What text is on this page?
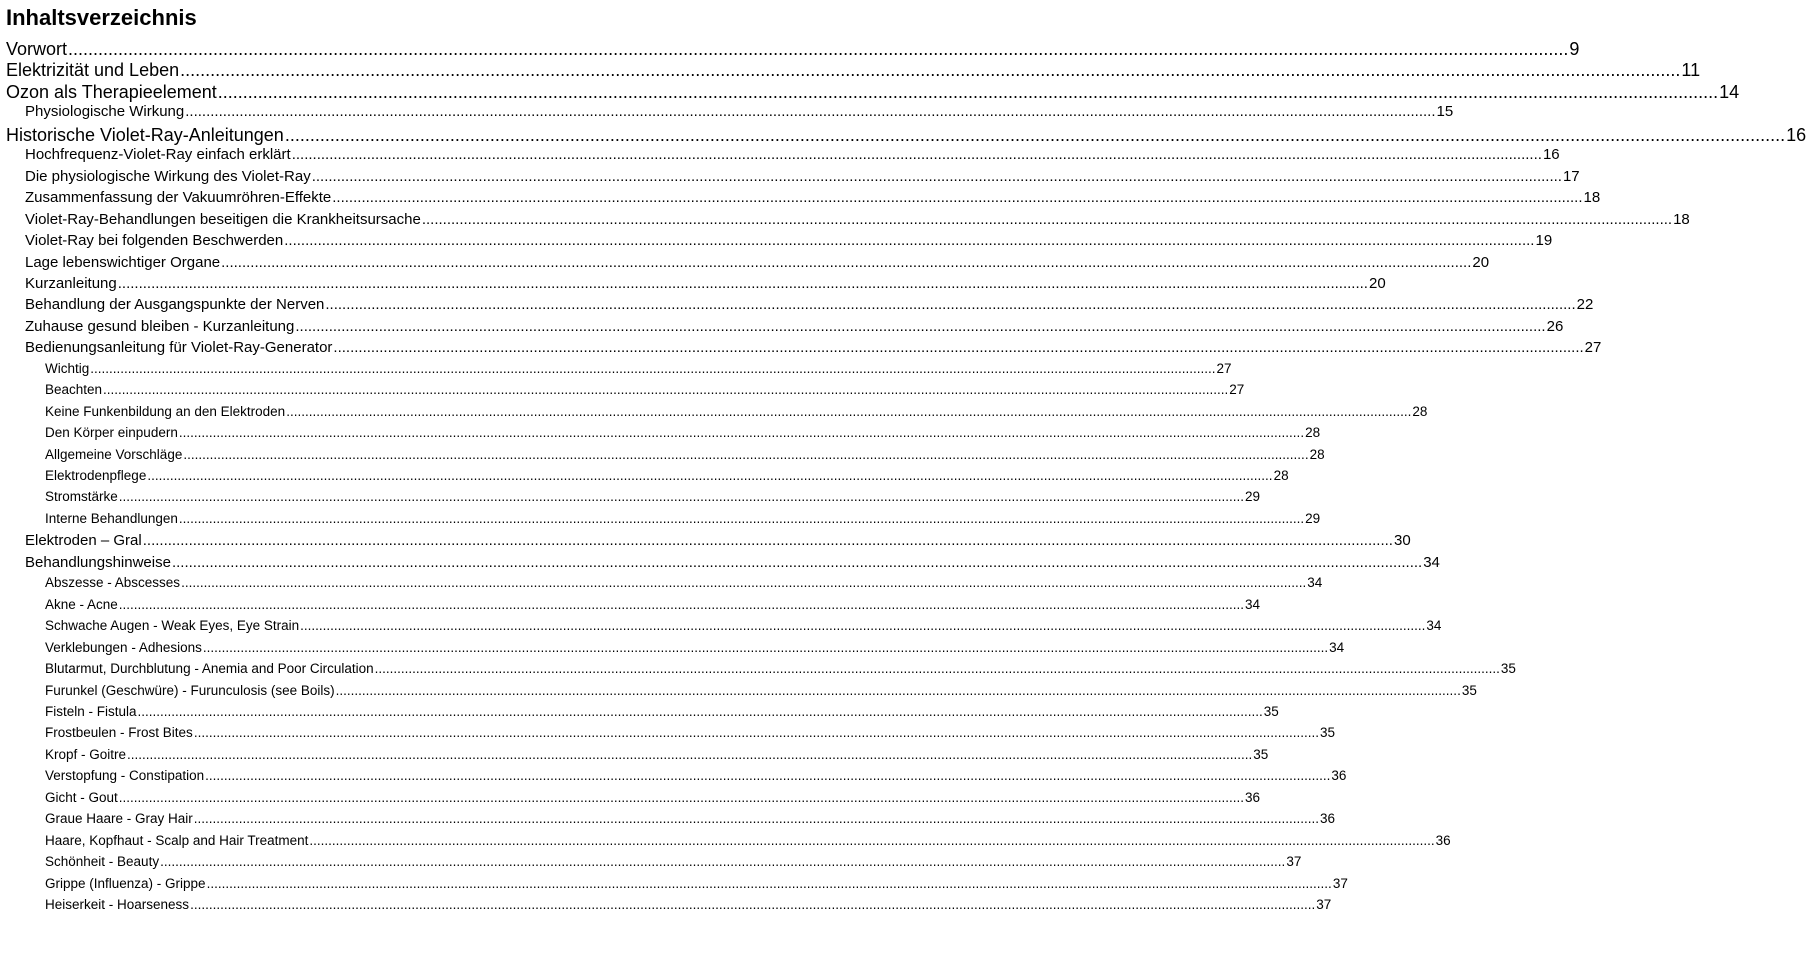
Inhaltsverzeichnis
Vorwort ............................................................................................................................................................................................................................................................................................................ 9
Elektrizität und Leben ............................................................................................................................................................................................................................................................................................................ 11
Ozon als Therapieelement ............................................................................................................................................................................................................................................................................................................ 14
Physiologische Wirkung ............................................................................................................................................................................................................................................................................................................ 15
Historische Violet-Ray-Anleitungen ............................................................................................................................................................................................................................................................................................................ 16
Hochfrequenz-Violet-Ray einfach erklärt ............................................................................................................................................................................................................................................................................................................ 16
Die physiologische Wirkung des Violet-Ray ............................................................................................................................................................................................................................................................................................................ 17
Zusammenfassung der Vakuumröhren-Effekte ............................................................................................................................................................................................................................................................................................................ 18
Violet-Ray-Behandlungen beseitigen die Krankheitsursache ............................................................................................................................................................................................................................................................................................................ 18
Violet-Ray bei folgenden Beschwerden ............................................................................................................................................................................................................................................................................................................ 19
Lage lebenswichtiger Organe ............................................................................................................................................................................................................................................................................................................ 20
Kurzanleitung ............................................................................................................................................................................................................................................................................................................ 20
Behandlung der Ausgangspunkte der Nerven ............................................................................................................................................................................................................................................................................................................ 22
Zuhause gesund bleiben - Kurzanleitung ............................................................................................................................................................................................................................................................................................................ 26
Bedienungsanleitung für Violet-Ray-Generator ............................................................................................................................................................................................................................................................................................................ 27
Wichtig ............................................................................................................................................................................................................................................................................................................ 27
Beachten ............................................................................................................................................................................................................................................................................................................ 27
Keine Funkenbildung an den Elektroden ............................................................................................................................................................................................................................................................................................................ 28
Den Körper einpudern ............................................................................................................................................................................................................................................................................................................ 28
Allgemeine Vorschläge ............................................................................................................................................................................................................................................................................................................ 28
Elektrodenpflege ............................................................................................................................................................................................................................................................................................................ 28
Stromstärke ............................................................................................................................................................................................................................................................................................................ 29
Interne Behandlungen ............................................................................................................................................................................................................................................................................................................ 29
Elektroden – Gral ............................................................................................................................................................................................................................................................................................................ 30
Behandlungshinweise ............................................................................................................................................................................................................................................................................................................ 34
Abszesse - Abscesses ............................................................................................................................................................................................................................................................................................................ 34
Akne - Acne ............................................................................................................................................................................................................................................................................................................ 34
Schwache Augen - Weak Eyes, Eye Strain ............................................................................................................................................................................................................................................................................................................ 34
Verklebungen - Adhesions ............................................................................................................................................................................................................................................................................................................ 34
Blutarmut, Durchblutung - Anemia and Poor Circulation ............................................................................................................................................................................................................................................................................................................ 35
Furunkel (Geschwüre) - Furunculosis (see Boils) ............................................................................................................................................................................................................................................................................................................ 35
Fisteln - Fistula ............................................................................................................................................................................................................................................................................................................ 35
Frostbeulen - Frost Bites ............................................................................................................................................................................................................................................................................................................ 35
Kropf - Goitre ............................................................................................................................................................................................................................................................................................................ 35
Verstopfung - Constipation ............................................................................................................................................................................................................................................................................................................ 36
Gicht - Gout ............................................................................................................................................................................................................................................................................................................ 36
Graue Haare - Gray Hair ............................................................................................................................................................................................................................................................................................................ 36
Haare, Kopfhaut - Scalp and Hair Treatment ............................................................................................................................................................................................................................................................................................................ 36
Schönheit - Beauty ............................................................................................................................................................................................................................................................................................................ 37
Grippe (Influenza) - Grippe ............................................................................................................................................................................................................................................................................................................ 37
Heiserkeit - Hoarseness ............................................................................................................................................................................................................................................................................................................ 37
